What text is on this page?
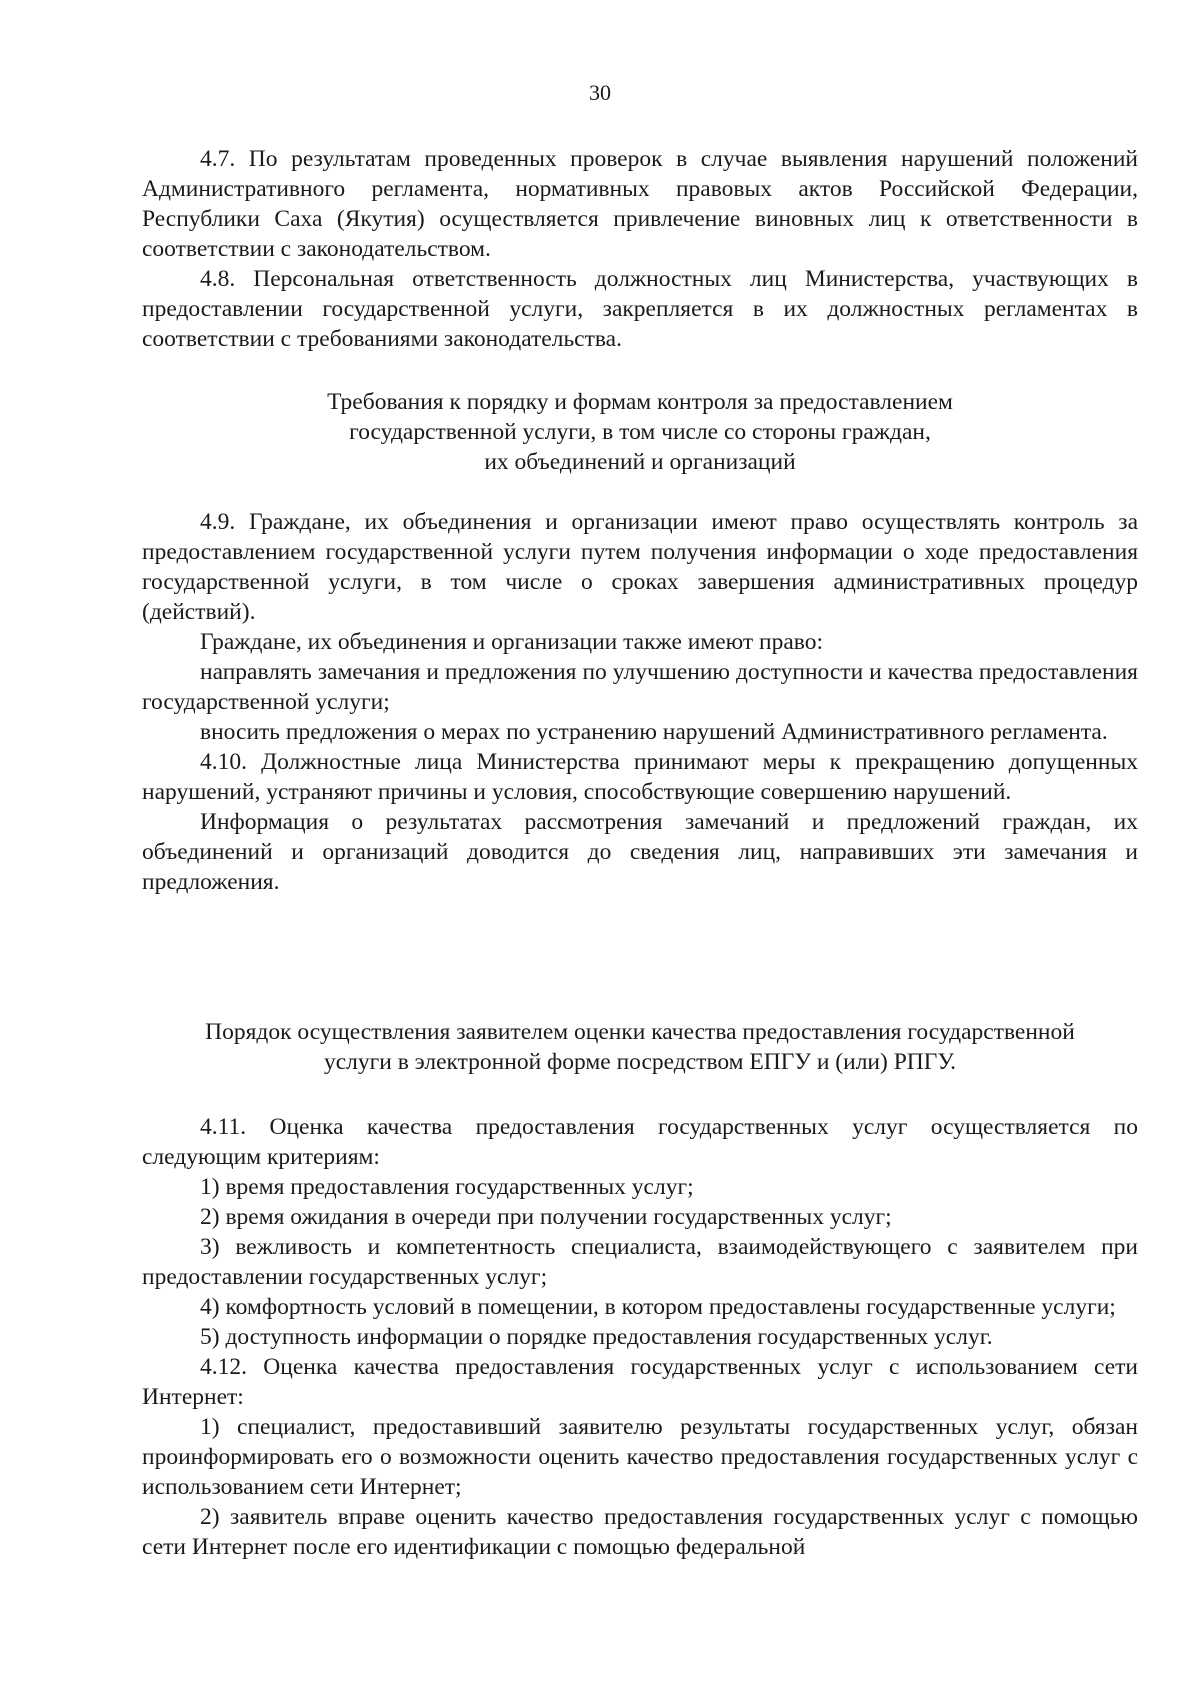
30

4.7. По результатам проведенных проверок в случае выявления нарушений положений Административного регламента, нормативных правовых актов Российской Федерации, Республики Саха (Якутия) осуществляется привлечение виновных лиц к ответственности в соответствии с законодательством.

4.8. Персональная ответственность должностных лиц Министерства, участвующих в предоставлении государственной услуги, закрепляется в их должностных регламентах в соответствии с требованиями законодательства.

Требования к порядку и формам контроля за предоставлением
государственной услуги, в том числе со стороны граждан,
их объединений и организаций

4.9. Граждане, их объединения и организации имеют право осуществлять контроль за предоставлением государственной услуги путем получения информации о ходе предоставления государственной услуги, в том числе о сроках завершения административных процедур (действий).

Граждане, их объединения и организации также имеют право:

направлять замечания и предложения по улучшению доступности и качества предоставления государственной услуги;

вносить предложения о мерах по устранению нарушений Административного регламента.

4.10. Должностные лица Министерства принимают меры к прекращению допущенных нарушений, устраняют причины и условия, способствующие совершению нарушений.

Информация о результатах рассмотрения замечаний и предложений граждан, их объединений и организаций доводится до сведения лиц, направивших эти замечания и предложения.

Порядок осуществления заявителем оценки качества предоставления государственной
услуги в электронной форме посредством ЕПГУ и (или) РПГУ.

4.11. Оценка качества предоставления государственных услуг осуществляется по следующим критериям:

1) время предоставления государственных услуг;

2) время ожидания в очереди при получении государственных услуг;

3) вежливость и компетентность специалиста, взаимодействующего с заявителем при предоставлении государственных услуг;

4) комфортность условий в помещении, в котором предоставлены государственные услуги;

5) доступность информации о порядке предоставления государственных услуг.

4.12. Оценка качества предоставления государственных услуг с использованием сети Интернет:

1) специалист, предоставивший заявителю результаты государственных услуг, обязан проинформировать его о возможности оценить качество предоставления государственных услуг с использованием сети Интернет;

2) заявитель вправе оценить качество предоставления государственных услуг с помощью сети Интернет после его идентификации с помощью федеральной
